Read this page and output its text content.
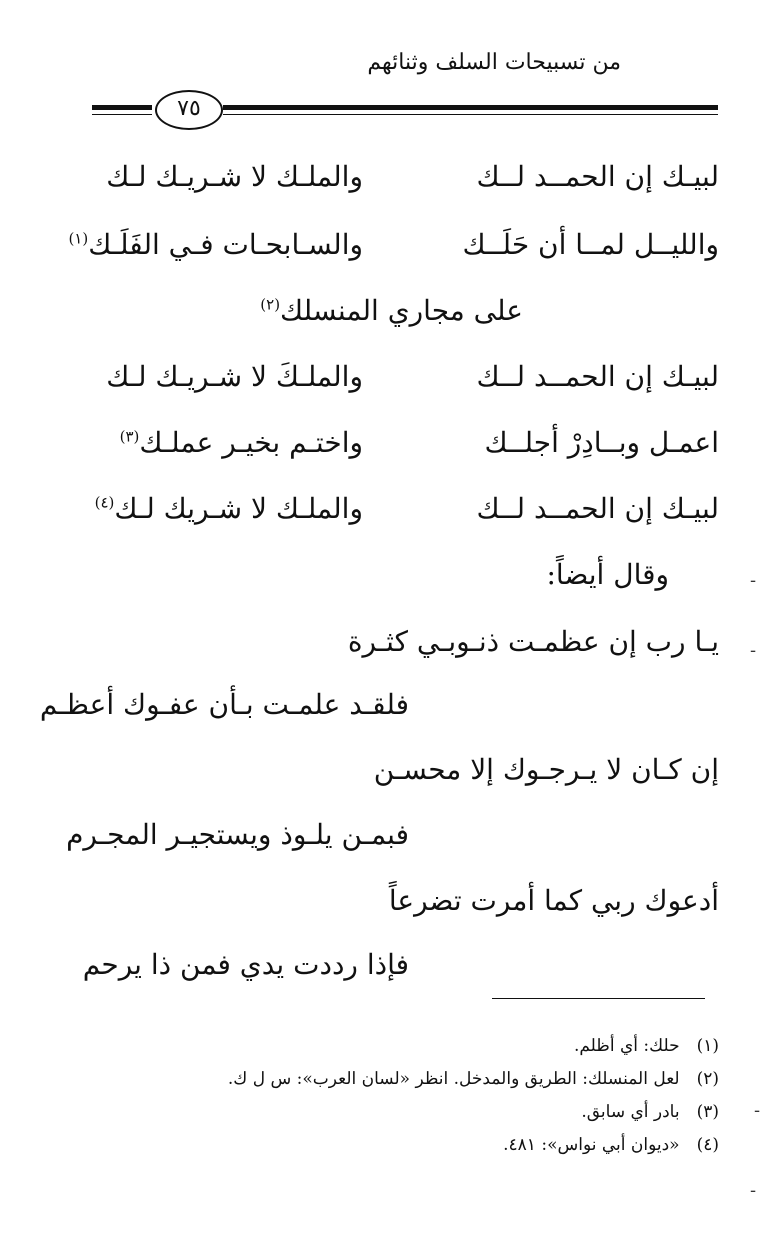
من تسبيحات السلف وثنائهم
٧٥
لبيـك إن الحمــد لــك
والملـك لا شـريـك لـك
والليــل لمــا أن حَلَــك
والسـابحـات فـي الفَلَـك$^{(١)}$
على مجاري المنسلك$^{(٢)}$
لبيـك إن الحمــد لــك
والملـكَ لا شـريـك لـك
اعمـل وبــادِرْ أجلــك
واختـم بخيـر عملـك$^{(٣)}$
لبيـك إن الحمــد لــك
والملـك لا شـريك لـك$^{(٤)}$
وقال أيضاً:	-
يـا رب إن عظمـت ذنـوبـي كثـرة -
فلقـد علمـت بـأن عفـوك أعظـم
إن كـان لا يـرجـوك إلا محسـن
فبمـن يلـوذ ويستجيـر المجـرم
أدعوك ربي كما أمرت تضرعاً
فإذا رددت يدي فمن ذا يرحم
(١) حلك: أي أظلم.
(٢) لعل المنسلك: الطريق والمدخل. انظر «لسان العرب»: س ل ك.
(٣) بادر أي سابق.
(٤) «ديوان أبي نواس»: ٤٨١.
-
-
